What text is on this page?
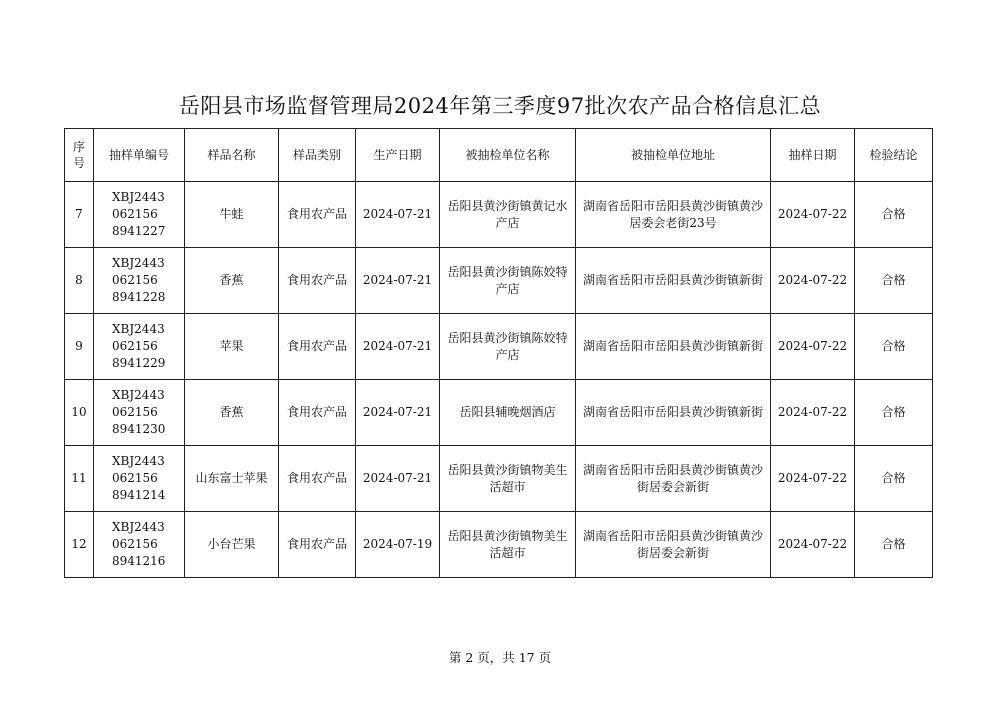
岳阳县市场监督管理局2024年第三季度97批次农产品合格信息汇总
序号	抽样单编号	样品名称	样品类别	生产日期	被抽检单位名称	被抽检单位地址	抽样日期	检验结论
7	XBJ2443062156 8941227	牛蛙	食用农产品	2024-07-21	岳阳县黄沙街镇黄记水产店	湖南省岳阳市岳阳县黄沙街镇黄沙居委会老街23号	2024-07-22	合格
8	XBJ2443062156 8941228	香蕉	食用农产品	2024-07-21	岳阳县黄沙街镇陈姣特产店	湖南省岳阳市岳阳县黄沙街镇新街	2024-07-22	合格
9	XBJ2443062156 8941229	苹果	食用农产品	2024-07-21	岳阳县黄沙街镇陈姣特产店	湖南省岳阳市岳阳县黄沙街镇新街	2024-07-22	合格
10	XBJ2443062156 8941230	香蕉	食用农产品	2024-07-21	岳阳县辅晚烟酒店	湖南省岳阳市岳阳县黄沙街镇新街	2024-07-22	合格
11	XBJ2443062156 8941214	山东富士苹果	食用农产品	2024-07-21	岳阳县黄沙街镇物美生活超市	湖南省岳阳市岳阳县黄沙街镇黄沙街居委会新街	2024-07-22	合格
12	XBJ2443062156 8941216	小台芒果	食用农产品	2024-07-19	岳阳县黄沙街镇物美生活超市	湖南省岳阳市岳阳县黄沙街镇黄沙街居委会新街	2024-07-22	合格
第 2 页，共 17 页
